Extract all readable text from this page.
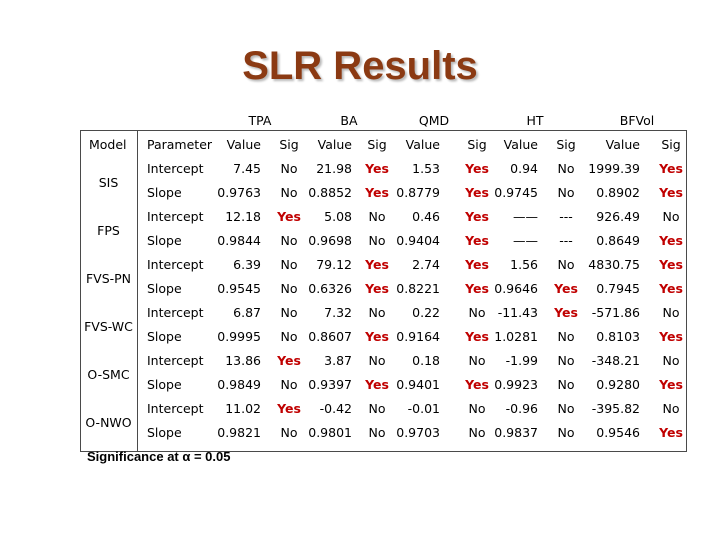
SLR Results
TPA	BA	QMD	HT	BFVol
Model Parameter	Value	Sig	Value	Sig	Value	Sig	Value	Sig	Value	Sig
SIS
Intercept	7.45	No	21.98	Yes	1.53	Yes	0.94	No	1999.39	Yes
Slope	0.9763	No 0.8852	Yes 0.8779	Yes 0.9745	No	0.8902	Yes
FPS
Intercept	12.18	Yes	5.08	No	0.46	Yes	——	---	926.49	No
Slope	0.9844	No 0.9698	No 0.9404	Yes	——	---	0.8649	Yes
FVS-PN
Intercept	6.39	No	79.12	Yes	2.74	Yes	1.56	No	4830.75	Yes
Slope	0.9545	No 0.6326	Yes 0.8221	Yes 0.9646	Yes	0.7945	Yes
FVS-WC
Intercept	6.87	No	7.32	No	0.22	No -11.43	Yes	-571.86	No
Slope	0.9995	No 0.8607	Yes 0.9164	Yes 1.0281	No	0.8103	Yes
O-SMC
Intercept	13.86	Yes	3.87	No	0.18	No	-1.99	No	-348.21	No
Slope	0.9849	No 0.9397	Yes 0.9401	Yes 0.9923	No	0.9280	Yes
O-NWO
Intercept	11.02	Yes	-0.42	No	-0.01	No	-0.96	No	-395.82	No
Slope	0.9821	No 0.9801	No 0.9703	No 0.9837	No	0.9546	Yes
Significance at α = 0.05
